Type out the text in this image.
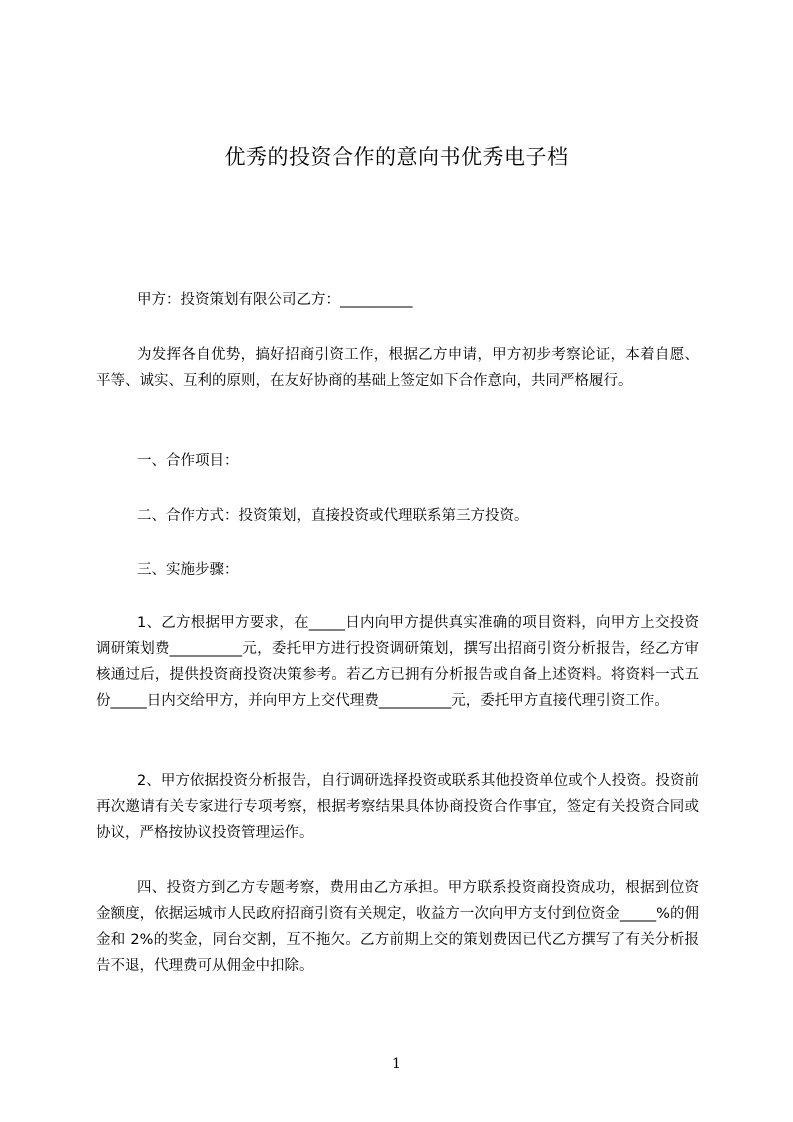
优秀的投资合作的意向书优秀电子档
甲方：投资策划有限公司乙方：__________
为发挥各自优势，搞好招商引资工作，根据乙方申请，甲方初步考察论证，本着自愿、平等、诚实、互利的原则，在友好协商的基础上签定如下合作意向，共同严格履行。
一、合作项目：
二、合作方式：投资策划，直接投资或代理联系第三方投资。
三、实施步骤：
1、乙方根据甲方要求，在_____日内向甲方提供真实准确的项目资料，向甲方上交投资调研策划费__________元，委托甲方进行投资调研策划，撰写出招商引资分析报告，经乙方审核通过后，提供投资商投资决策参考。若乙方已拥有分析报告或自备上述资料。将资料一式五份_____日内交给甲方，并向甲方上交代理费__________元，委托甲方直接代理引资工作。
2、甲方依据投资分析报告，自行调研选择投资或联系其他投资单位或个人投资。投资前再次邀请有关专家进行专项考察，根据考察结果具体协商投资合作事宜，签定有关投资合同或协议，严格按协议投资管理运作。
四、投资方到乙方专题考察，费用由乙方承担。甲方联系投资商投资成功，根据到位资金额度，依据运城市人民政府招商引资有关规定，收益方一次向甲方支付到位资金_____%的佣金和 2%的奖金，同台交割，互不拖欠。乙方前期上交的策划费因已代乙方撰写了有关分析报告不退，代理费可从佣金中扣除。
1
